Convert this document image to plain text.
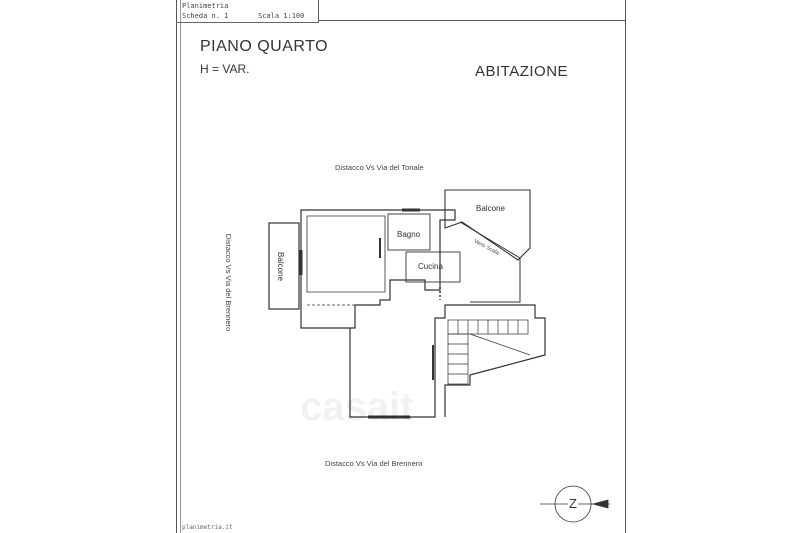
Planimetria
Scheda n. 1	Scala 1:100
PIANO QUARTO
H = VAR.	ABITAZIONE
Distacco Vs Via del Tonale
Distacco Vs Via del Brennero
Distacco Vs Via del Brennero
Vano Scala
Bagno
Cucina
Balcone
Balcone
Z
casait
planimetria.it
